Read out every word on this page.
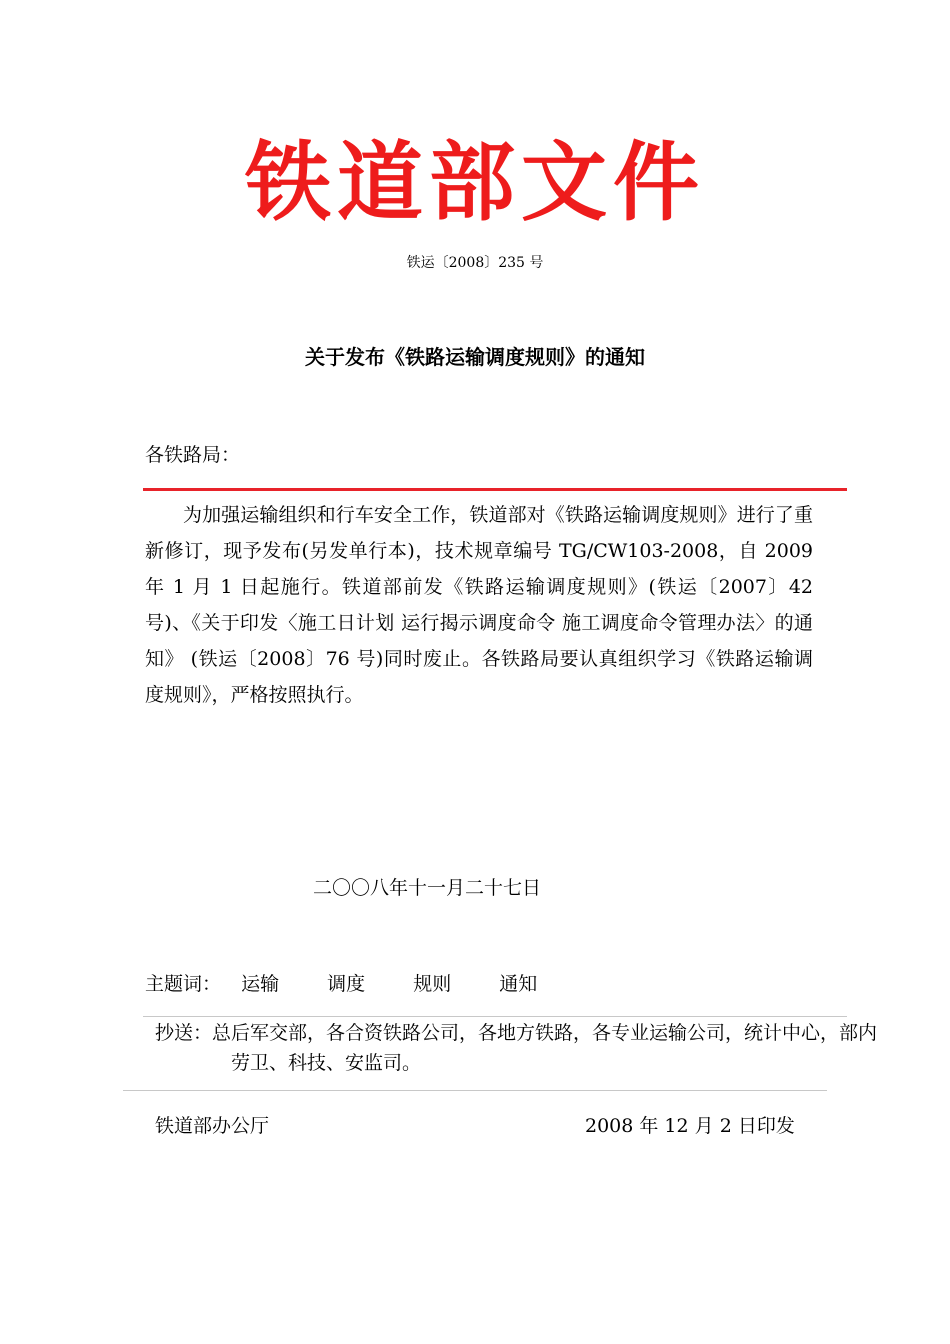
铁道部文件
铁运〔2008〕235 号
关于发布《铁路运输调度规则》的通知
各铁路局：
为加强运输组织和行车安全工作，铁道部对《铁路运输调度规则》进行了重新修订，现予发布(另发单行本)，技术规章编号 TG/CW103-2008，自 2009 年 1 月 1 日起施行。铁道部前发《铁路运输调度规则》(铁运〔2007〕42 号)、《关于印发〈施工日计划 运行揭示调度命令 施工调度命令管理办法〉的通知》 (铁运〔2008〕76 号)同时废止。各铁路局要认真组织学习《铁路运输调度规则》，严格按照执行。
二〇〇八年十一月二十七日
主题词： 运输	调度	规则	通知
抄送：总后军交部，各合资铁路公司，各地方铁路，各专业运输公司，统计中心，部内劳卫、科技、安监司。
铁道部办公厅	2008 年 12 月 2 日印发
